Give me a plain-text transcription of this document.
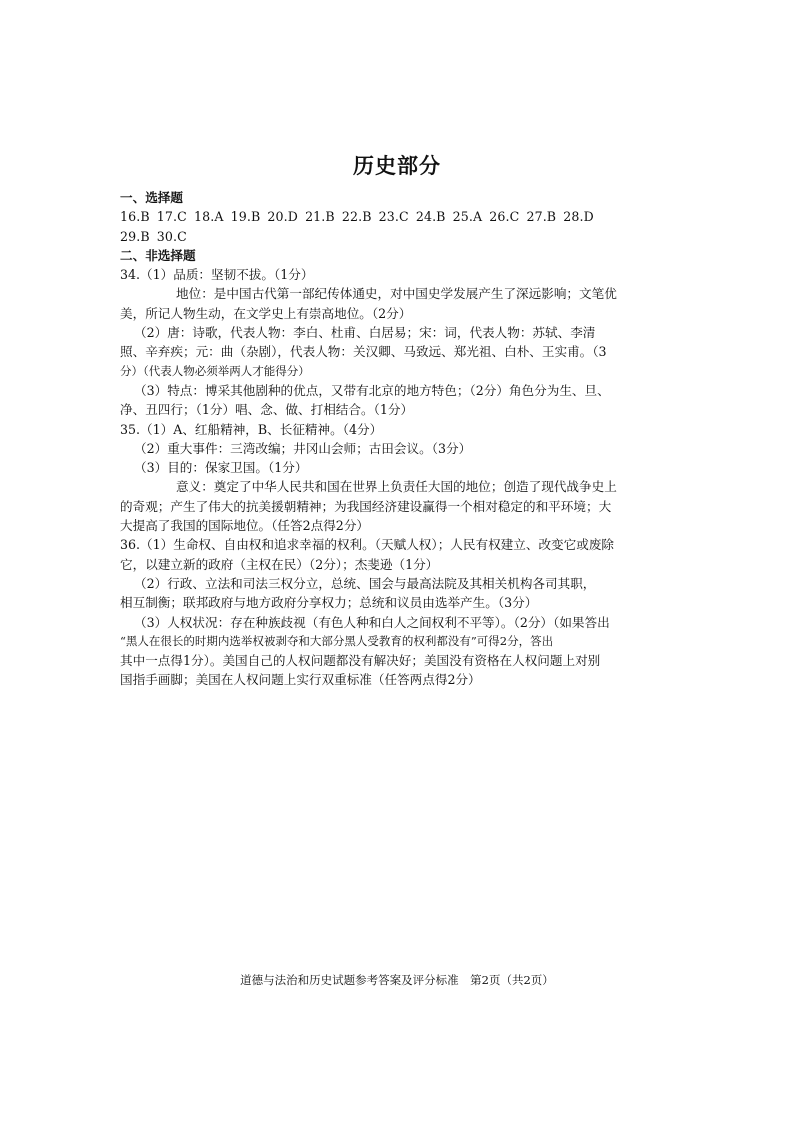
历史部分
一、选择题
16.B 17.C 18.A 19.B 20.D 21.B 22.B 23.C 24.B 25.A 26.C 27.B 28.D
29.B 30.C
二、非选择题
34.（1）品质：坚韧不拔。（1分）
地位：是中国古代第一部纪传体通史，对中国史学发展产生了深远影响；文笔优
美，所记人物生动，在文学史上有崇高地位。（2分）
（2）唐：诗歌，代表人物：李白、杜甫、白居易；宋：词，代表人物：苏轼、李清
照、辛弃疾；元：曲（杂剧），代表人物：关汉卿、马致远、郑光祖、白朴、王实甫。（3
分）（代表人物必须举两人才能得分）
（3）特点：博采其他剧种的优点，又带有北京的地方特色；（2分）角色分为生、旦、
净、丑四行；（1分）唱、念、做、打相结合。（1分）
35.（1）A、红船精神，B、长征精神。（4分）
（2）重大事件：三湾改编；井冈山会师；古田会议。（3分）
（3）目的：保家卫国。（1分）
意义：奠定了中华人民共和国在世界上负责任大国的地位；创造了现代战争史上
的奇观；产生了伟大的抗美援朝精神；为我国经济建设赢得一个相对稳定的和平环境；大
大提高了我国的国际地位。（任答2点得2分）
36.（1）生命权、自由权和追求幸福的权利。（天赋人权）；人民有权建立、改变它或废除
它，以建立新的政府（主权在民）（2分）；杰斐逊（1分）
（2）行政、立法和司法三权分立，总统、国会与最高法院及其相关机构各司其职，
相互制衡；联邦政府与地方政府分享权力；总统和议员由选举产生。（3分）
（3）人权状况：存在种族歧视（有色人种和白人之间权利不平等）。（2分）（如果答出
“黑人在很长的时期内选举权被剥夺和大部分黑人受教育的权利都没有”可得2分，答出
其中一点得1分）。美国自己的人权问题都没有解决好；美国没有资格在人权问题上对别
国指手画脚；美国在人权问题上实行双重标准（任答两点得2分）
道德与法治和历史试题参考答案及评分标准　第2页（共2页）
